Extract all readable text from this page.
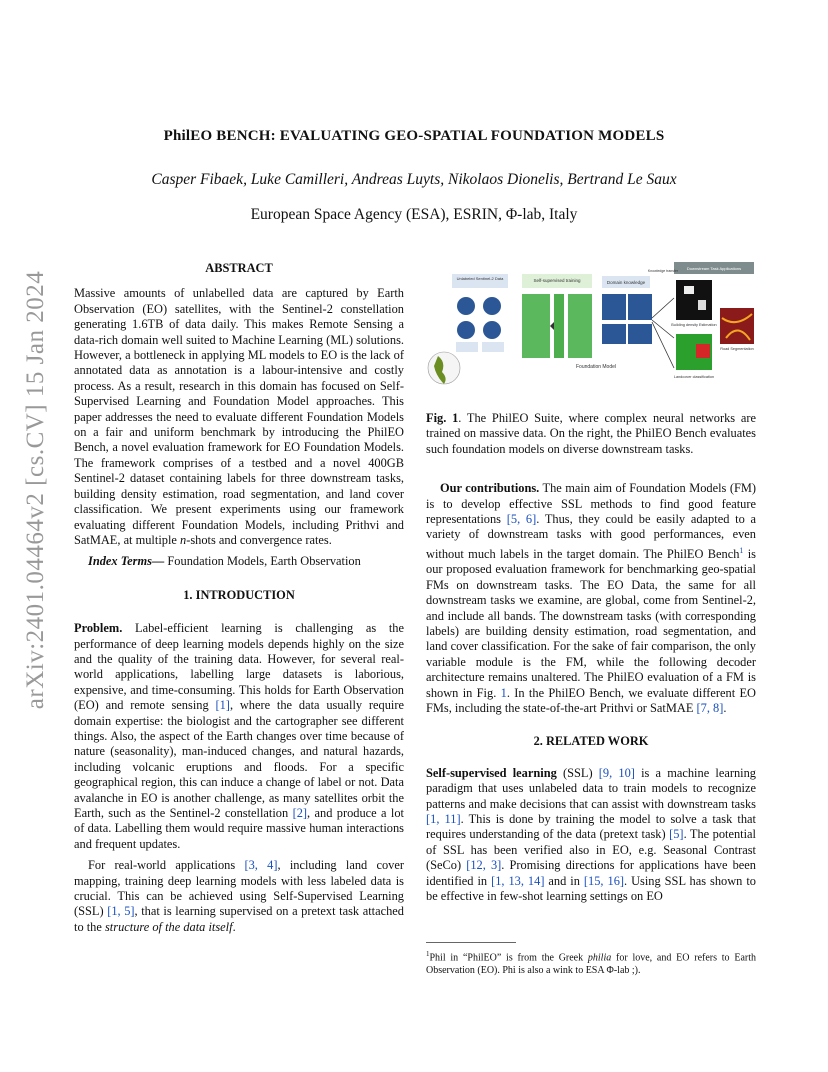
arXiv:2401.04464v2 [cs.CV] 15 Jan 2024
PhilEO BENCH: EVALUATING GEO-SPATIAL FOUNDATION MODELS
Casper Fibaek, Luke Camilleri, Andreas Luyts, Nikolaos Dionelis, Bertrand Le Saux
European Space Agency (ESA), ESRIN, Φ-lab, Italy

ABSTRACT

Massive amounts of unlabelled data are captured by Earth Observation (EO) satellites, with the Sentinel-2 constellation generating 1.6TB of data daily. This makes Remote Sensing a data-rich domain well suited to Machine Learning (ML) solutions. However, a bottleneck in applying ML models to EO is the lack of annotated data as annotation is a labour-intensive and costly process. As a result, research in this domain has focused on Self-Supervised Learning and Foundation Model approaches. This paper addresses the need to evaluate different Foundation Models on a fair and uniform benchmark by introducing the PhilEO Bench, a novel evaluation framework for EO Foundation Models. The framework comprises of a testbed and a novel 400GB Sentinel-2 dataset containing labels for three downstream tasks, building density estimation, road segmentation, and land cover classification. We present experiments using our framework evaluating different Foundation Models, including Prithvi and SatMAE, at multiple n-shots and convergence rates.

Index Terms— Foundation Models, Earth Observation

1. INTRODUCTION

Problem. Label-efficient learning is challenging as the performance of deep learning models depends highly on the size and the quality of the training data. However, for several real-world applications, labelling large datasets is laborious, expensive, and time-consuming. This holds for Earth Observation (EO) and remote sensing [1], where the data usually require domain expertise: the biologist and the cartographer see different things. Also, the aspect of the Earth changes over time because of nature (seasonality), man-induced changes, and natural hazards, including volcanic eruptions and floods. For a specific geographical region, this can induce a change of label or not. Data avalanche in EO is another challenge, as many satellites orbit the Earth, such as the Sentinel-2 constellation [2], and produce a lot of data. Labelling them would require massive human interactions and frequent updates.

For real-world applications [3, 4], including land cover mapping, training deep learning models with less labeled data is crucial. This can be achieved using Self-Supervised Learning (SSL) [1, 5], that is learning supervised on a pretext task attached to the structure of the data itself.

Unlabeled Sentinel-2 Data	Self-supervised training	Domain knowledge
Downstream Task Applications
Knowledge transfer
Building density Estimation
Road Segmentation
Landcover classification
Foundation Model

Fig. 1. The PhilEO Suite, where complex neural networks are trained on massive data. On the right, the PhilEO Bench evaluates such foundation models on diverse downstream tasks.

Our contributions. The main aim of Foundation Models (FM) is to develop effective SSL methods to find good feature representations [5, 6]. Thus, they could be easily adapted to a variety of downstream tasks with good performances, even without much labels in the target domain. The PhilEO Bench$^1$ is our proposed evaluation framework for benchmarking geo-spatial FMs on downstream tasks. The EO Data, the same for all downstream tasks we examine, are global, come from Sentinel-2, and include all bands. The downstream tasks (with corresponding labels) are building density estimation, road segmentation, and land cover classification. For the sake of fair comparison, the only variable module is the FM, while the following decoder architecture remains unaltered. The PhilEO evaluation of a FM is shown in Fig. 1. In the PhilEO Bench, we evaluate different EO FMs, including the state-of-the-art Prithvi or SatMAE [7, 8].

2. RELATED WORK

Self-supervised learning (SSL) [9, 10] is a machine learning paradigm that uses unlabeled data to train models to recognize patterns and make decisions that can assist with downstream tasks [1, 11]. This is done by training the model to solve a task that requires understanding of the data (pretext task) [5]. The potential of SSL has been verified also in EO, e.g. Seasonal Contrast (SeCo) [12, 3]. Promising directions for applications have been identified in [1, 13, 14] and in [15, 16]. Using SSL has shown to be effective in few-shot learning settings on EO

$^1$Phil in “PhilEO” is from the Greek philia for love, and EO refers to Earth Observation (EO). Phi is also a wink to ESA Φ-lab ;).
